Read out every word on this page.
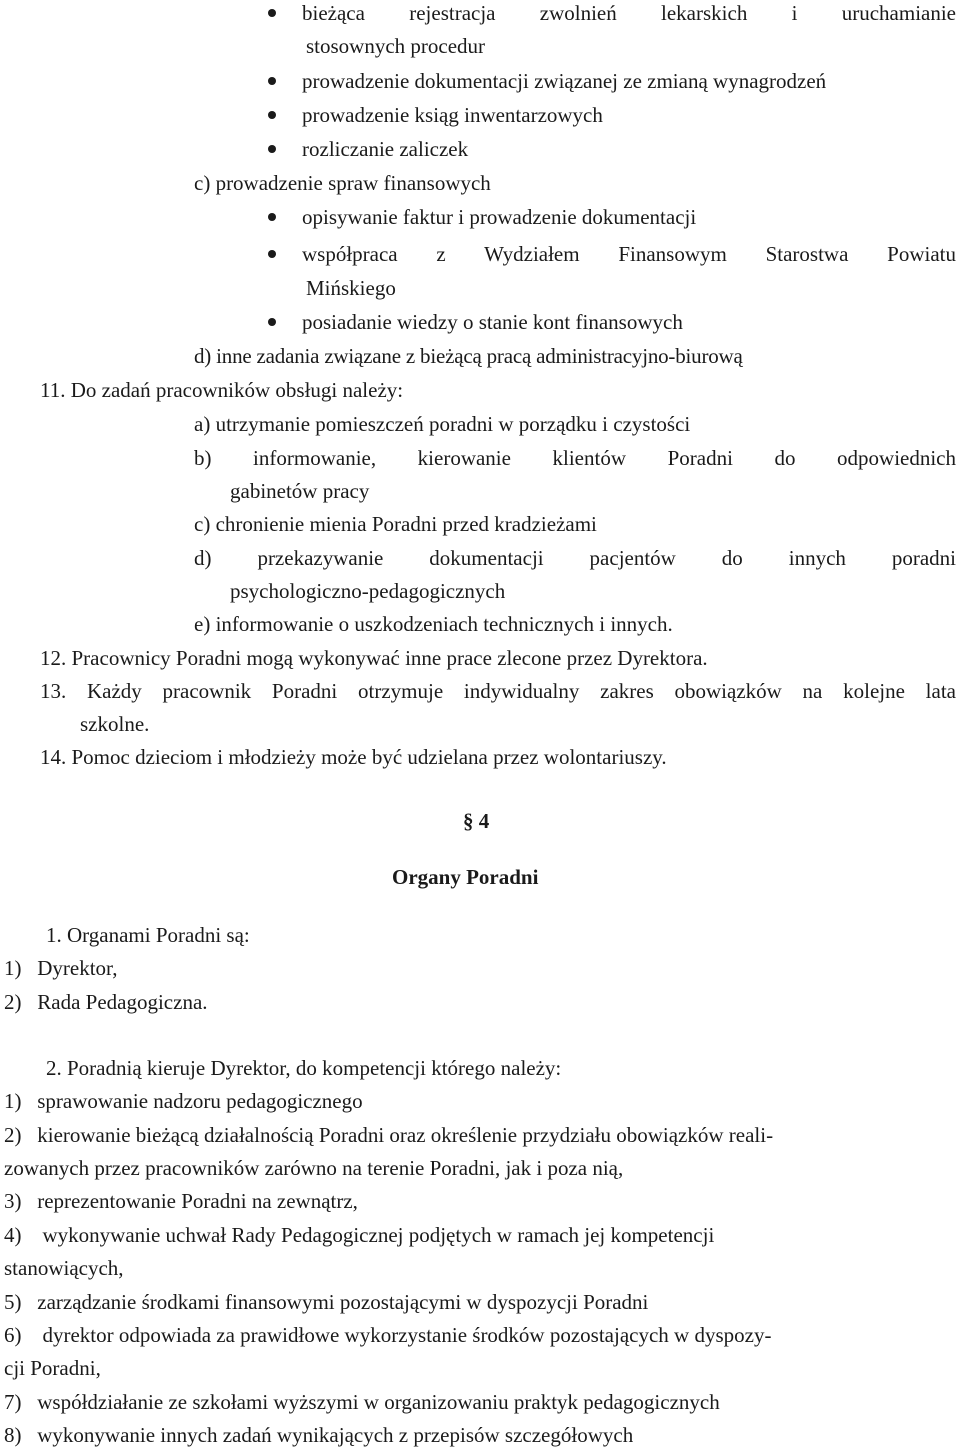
bieżąca rejestracja zwolnień lekarskich i uruchamianie
stosownych procedur
prowadzenie dokumentacji związanej ze zmianą wynagrodzeń
prowadzenie ksiąg inwentarzowych
rozliczanie zaliczek
c) prowadzenie spraw finansowych
opisywanie faktur i prowadzenie dokumentacji
współpraca z Wydziałem Finansowym Starostwa Powiatu
Mińskiego
posiadanie wiedzy o stanie kont finansowych
d) inne zadania związane z bieżącą pracą administracyjno-biurową
11. Do zadań pracowników obsługi należy:
a) utrzymanie pomieszczeń poradni w porządku i czystości
b) informowanie, kierowanie klientów Poradni do odpowiednich
gabinetów pracy
c) chronienie mienia Poradni przed kradzieżami
d) przekazywanie dokumentacji pacjentów do innych poradni
psychologiczno-pedagogicznych
e) informowanie o uszkodzeniach technicznych i innych.
12. Pracownicy Poradni mogą wykonywać inne prace zlecone przez Dyrektora.
13. Każdy pracownik Poradni otrzymuje indywidualny zakres obowiązków na kolejne lata
szkolne.
14. Pomoc dzieciom i młodzieży może być udzielana przez wolontariuszy.
§ 4
Organy Poradni
1. Organami Poradni są:
1)   Dyrektor,
2)   Rada Pedagogiczna.
2. Poradnią kieruje Dyrektor, do kompetencji którego należy:
1)   sprawowanie nadzoru pedagogicznego
2)   kierowanie bieżącą działalnością Poradni oraz określenie przydziału obowiązków reali-
zowanych przez pracowników zarówno na terenie Poradni, jak i poza nią,
3)   reprezentowanie Poradni na zewnątrz,
4)    wykonywanie uchwał Rady Pedagogicznej podjętych w ramach jej kompetencji
stanowiących,
5)   zarządzanie środkami finansowymi pozostającymi w dyspozycji Poradni
6)    dyrektor odpowiada za prawidłowe wykorzystanie środków pozostających w dyspozy-
cji Poradni,
7)   współdziałanie ze szkołami wyższymi w organizowaniu praktyk pedagogicznych
8)   wykonywanie innych zadań wynikających z przepisów szczegółowych
